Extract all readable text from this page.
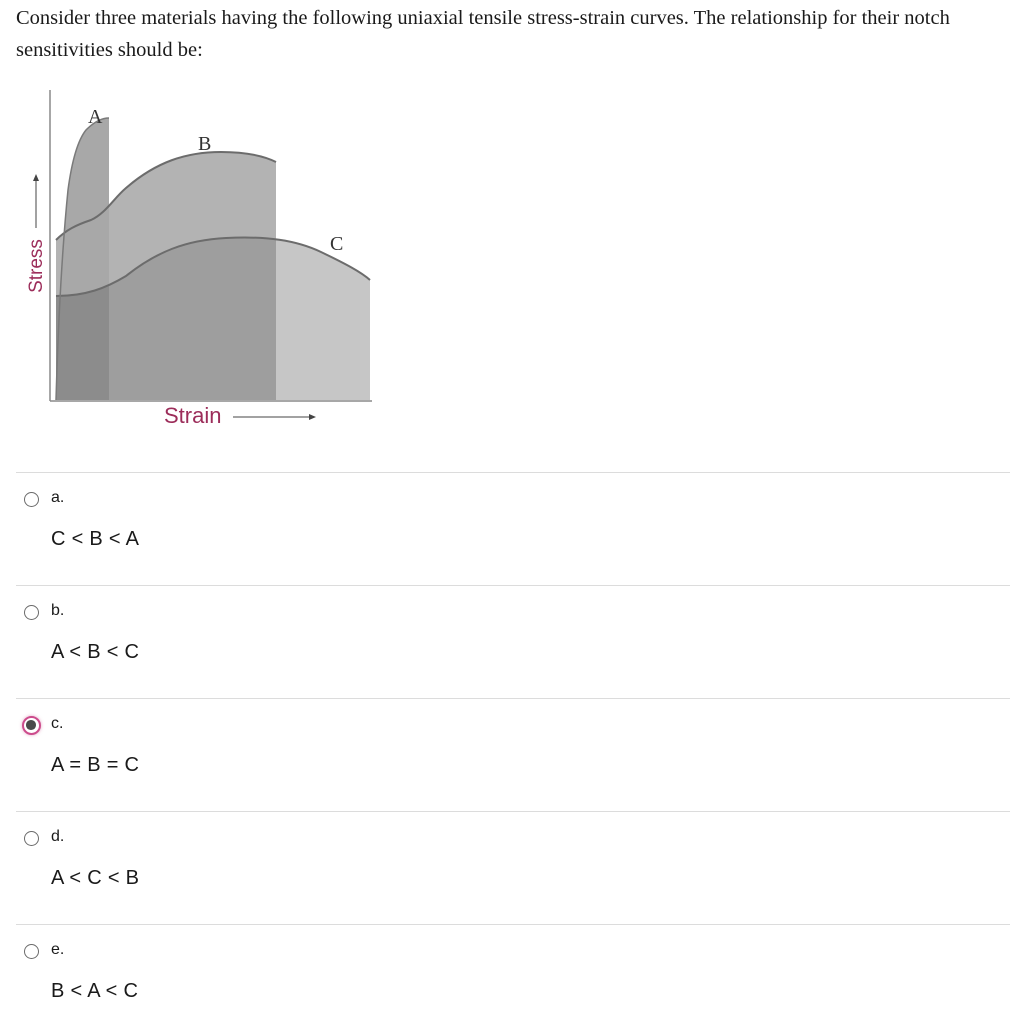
Consider three materials having the following uniaxial tensile stress-strain curves. The relationship for their notch sensitivities should be:

A
B
C
Stress
Strain
a.
C < B < A
b.
A < B < C
c.
A = B = C
d.
A < C < B
e.
B < A < C
